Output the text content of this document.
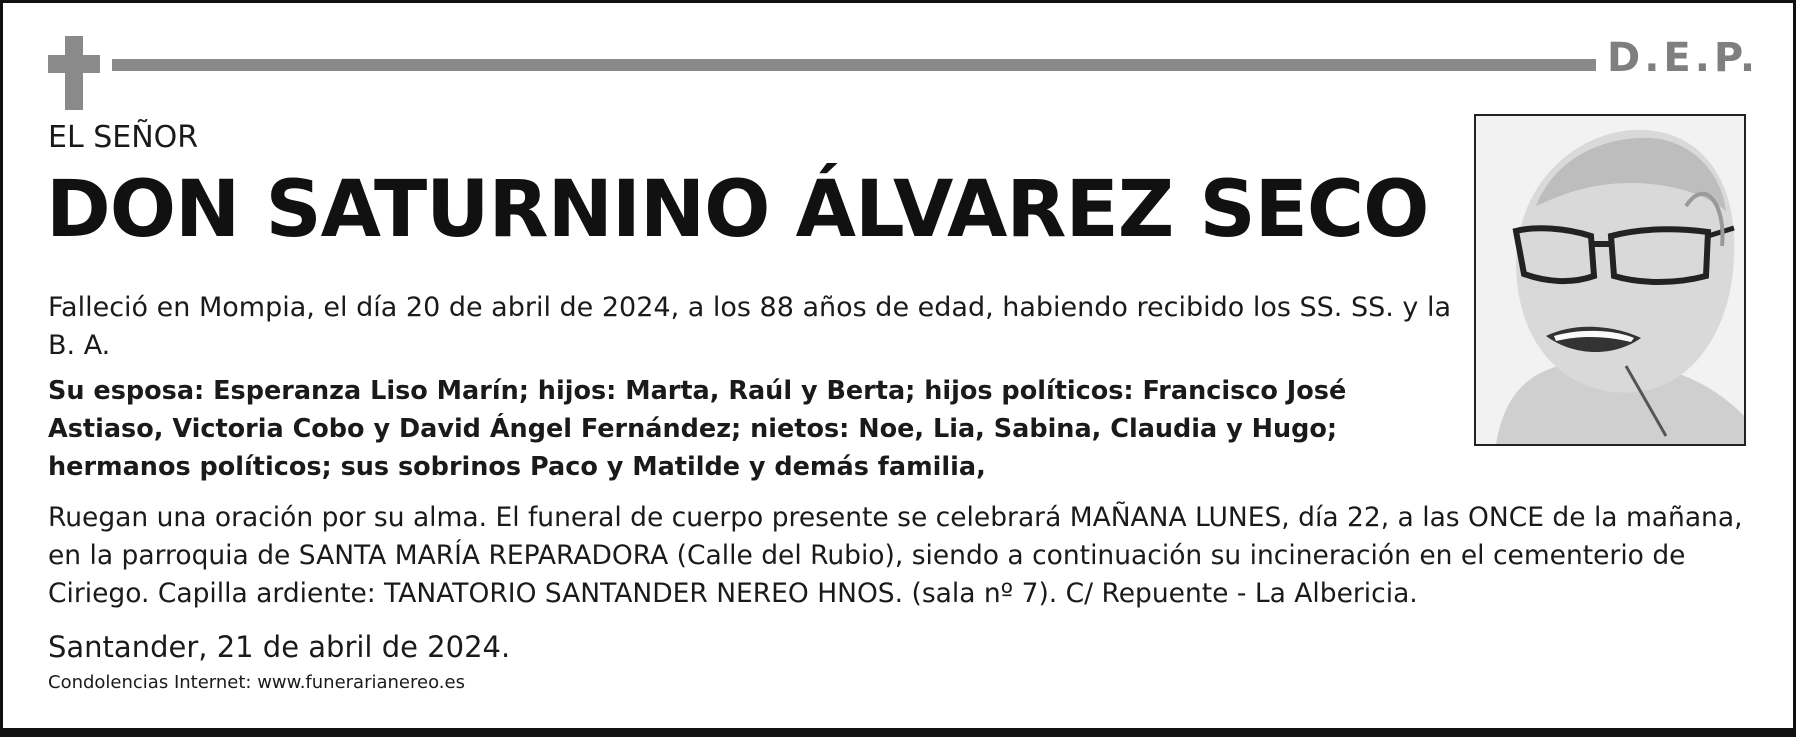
D.E.P.
EL SEÑOR
DON SATURNINO ÁLVAREZ SECO
Falleció en Mompia, el día 20 de abril de 2024, a los 88 años de edad, habiendo recibido los SS. SS. y la B. A.
Su esposa: Esperanza Liso Marín; hijos: Marta, Raúl y Berta; hijos políticos: Francisco José Astiaso, Victoria Cobo y David Ángel Fernández; nietos: Noe, Lia, Sabina, Claudia y Hugo; hermanos políticos; sus sobrinos Paco y Matilde y demás familia,
Ruegan una oración por su alma. El funeral de cuerpo presente se celebrará MAÑANA LUNES, día 22, a las ONCE de la mañana, en la parroquia de SANTA MARÍA REPARADORA (Calle del Rubio), siendo a continuación su incineración en el cementerio de Ciriego. Capilla ardiente: TANATORIO SANTANDER NEREO HNOS. (sala nº 7). C/ Repuente - La Albericia.
Santander, 21 de abril de 2024.
Condolencias Internet: www.funerarianereo.es
